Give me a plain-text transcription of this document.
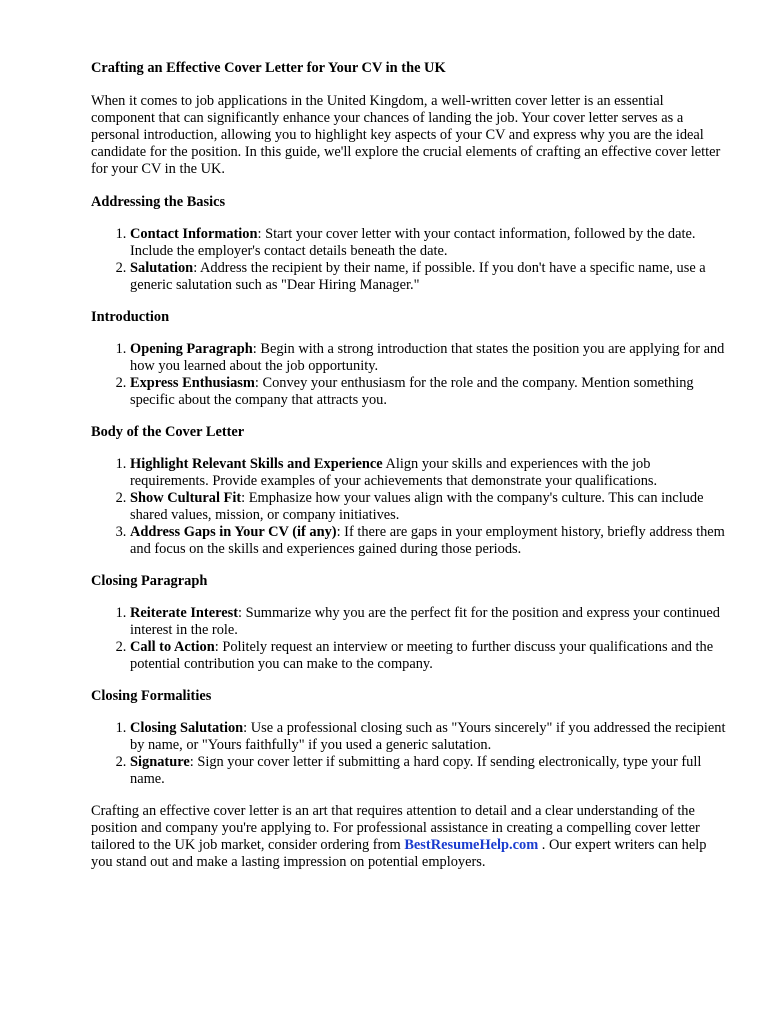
Crafting an Effective Cover Letter for Your CV in the UK

When it comes to job applications in the United Kingdom, a well-written cover letter is an essential component that can significantly enhance your chances of landing the job. Your cover letter serves as a personal introduction, allowing you to highlight key aspects of your CV and express why you are the ideal candidate for the position. In this guide, we'll explore the crucial elements of crafting an effective cover letter for your CV in the UK.

Addressing the Basics
1. Contact Information: Start your cover letter with your contact information, followed by the date. Include the employer's contact details beneath the date.
2. Salutation: Address the recipient by their name, if possible. If you don't have a specific name, use a generic salutation such as "Dear Hiring Manager."
Introduction
1. Opening Paragraph: Begin with a strong introduction that states the position you are applying for and how you learned about the job opportunity.
2. Express Enthusiasm: Convey your enthusiasm for the role and the company. Mention something specific about the company that attracts you.
Body of the Cover Letter
1. Highlight Relevant Skills and Experience Align your skills and experiences with the job requirements. Provide examples of your achievements that demonstrate your qualifications.
2. Show Cultural Fit: Emphasize how your values align with the company's culture. This can include shared values, mission, or company initiatives.
3. Address Gaps in Your CV (if any): If there are gaps in your employment history, briefly address them and focus on the skills and experiences gained during those periods.
Closing Paragraph
1. Reiterate Interest: Summarize why you are the perfect fit for the position and express your continued interest in the role.
2. Call to Action: Politely request an interview or meeting to further discuss your qualifications and the potential contribution you can make to the company.
Closing Formalities
1. Closing Salutation: Use a professional closing such as "Yours sincerely" if you addressed the recipient by name, or "Yours faithfully" if you used a generic salutation.
2. Signature: Sign your cover letter if submitting a hard copy. If sending electronically, type your full name.

Crafting an effective cover letter is an art that requires attention to detail and a clear understanding of the position and company you're applying to. For professional assistance in creating a compelling cover letter tailored to the UK job market, consider ordering from BestResumeHelp.com . Our expert writers can help you stand out and make a lasting impression on potential employers.
